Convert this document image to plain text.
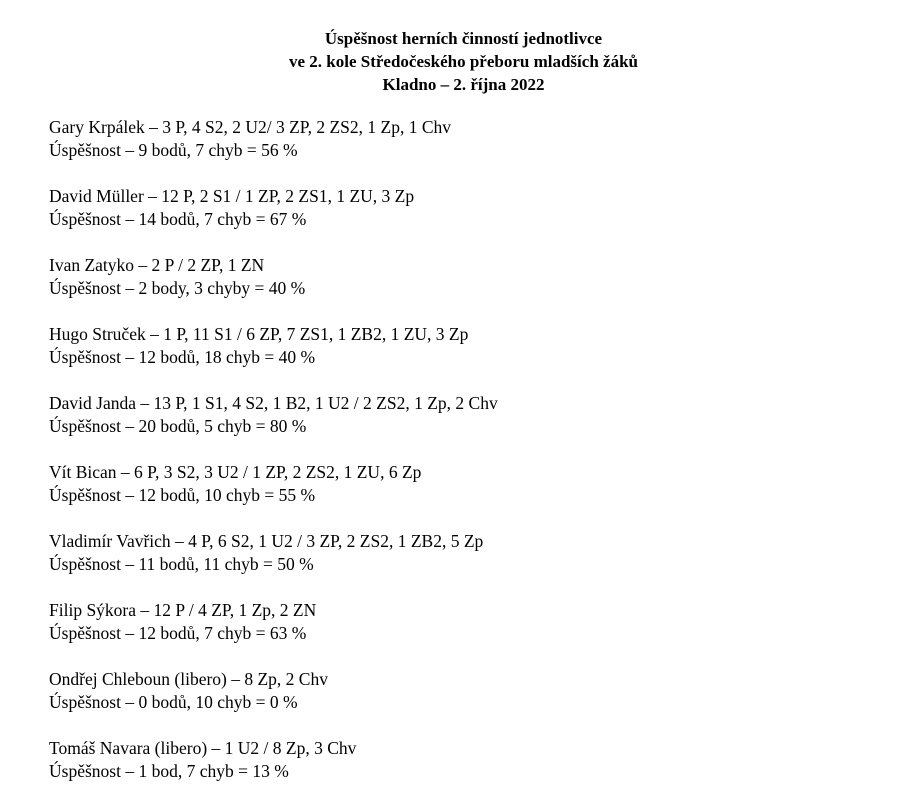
Úspěšnost herních činností jednotlivce
ve 2. kole Středočeského přeboru mladších žáků
Kladno – 2. října 2022
Gary Krpálek – 3 P, 4 S2, 2 U2/ 3 ZP, 2 ZS2, 1 Zp, 1 Chv
Úspěšnost – 9 bodů, 7 chyb = 56 %
David Müller – 12 P, 2 S1 / 1 ZP, 2 ZS1, 1 ZU, 3 Zp
Úspěšnost – 14 bodů, 7 chyb = 67 %
Ivan Zatyko – 2 P / 2 ZP, 1 ZN
Úspěšnost – 2 body, 3 chyby = 40 %
Hugo Struček – 1 P, 11 S1 / 6 ZP, 7 ZS1, 1 ZB2, 1 ZU, 3 Zp
Úspěšnost – 12 bodů, 18 chyb = 40 %
David Janda – 13 P, 1 S1, 4 S2, 1 B2, 1 U2 / 2 ZS2, 1 Zp, 2 Chv
Úspěšnost – 20 bodů, 5 chyb = 80 %
Vít Bican – 6 P, 3 S2, 3 U2 / 1 ZP, 2 ZS2, 1 ZU, 6 Zp
Úspěšnost – 12 bodů, 10 chyb = 55 %
Vladimír Vavřich – 4 P, 6 S2, 1 U2 / 3 ZP, 2 ZS2, 1 ZB2, 5 Zp
Úspěšnost – 11 bodů, 11 chyb = 50 %
Filip Sýkora – 12 P / 4 ZP, 1 Zp, 2 ZN
Úspěšnost – 12 bodů, 7 chyb = 63 %
Ondřej Chleboun (libero) – 8 Zp, 2 Chv
Úspěšnost – 0 bodů, 10 chyb = 0 %
Tomáš Navara (libero) – 1 U2 / 8 Zp, 3 Chv
Úspěšnost – 1 bod, 7 chyb = 13 %
